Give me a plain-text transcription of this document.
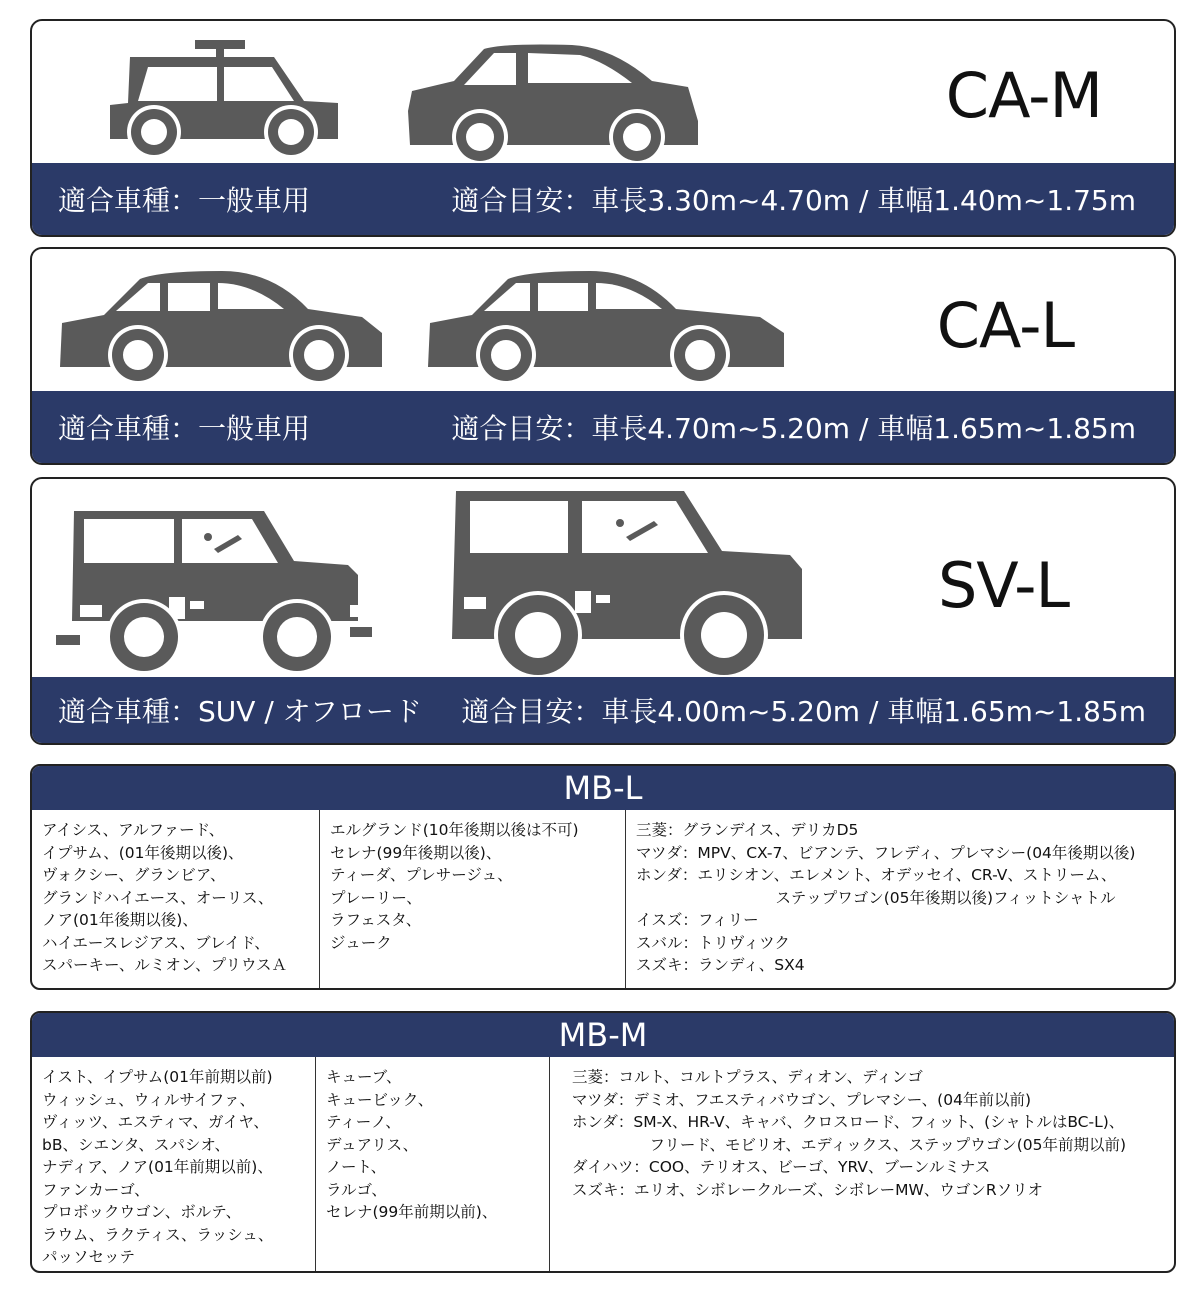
CA-M
適合車種：一般車用	適合目安：車長3.30m~4.70m / 車幅1.40m~1.75m
CA-L
適合車種：一般車用	適合目安：車長4.70m~5.20m / 車幅1.65m~1.85m
SV-L
適合車種：SUV / オフロード 適合目安：車長4.00m~5.20m / 車幅1.65m~1.85m
MB-L
アイシス、アルファード、
イプサム、(01年後期以後)、
ヴォクシー、グランビア、
グランドハイエース、オーリス、
ノア(01年後期以後)、
ハイエースレジアス、ブレイド、
スパーキー、ルミオン、プリウスＡ
エルグランド(10年後期以後は不可)
セレナ(99年後期以後)、
ティーダ、プレサージュ、
プレーリー、
ラフェスタ、
ジューク
三菱：グランデイス、デリカD5
マツダ：MPV、CX-7、ビアンテ、フレディ、プレマシー(04年後期以後)
ホンダ：エリシオン、エレメント、オデッセイ、CR-V、ストリーム、
　　　　　　　　　ステップワゴン(05年後期以後)フィットシャトル
イスズ：フィリー
スバル：トリヴィツク
スズキ：ランディ、SX4
MB-M
イスト、イプサム(01年前期以前)
ウィッシュ、ウィルサイファ、
ヴィッツ、エスティマ、ガイヤ、
bB、シエンタ、スパシオ、
ナディア、ノア(01年前期以前)、
ファンカーゴ、
プロボックウゴン、ボルテ、
ラウム、ラクティス、ラッシュ、
パッソセッテ
キューブ、
キュービック、
ティーノ、
デュアリス、
ノート、
ラルゴ、
セレナ(99年前期以前)、
三菱：コルト、コルトプラス、ディオン、ディンゴ
マツダ：デミオ、フエスティバウゴン、プレマシー、(04年前以前)
ホンダ：SM-X、HR-V、キャバ、クロスロード、フィット、(シャトルはBC-L)、
　　　　　フリード、モビリオ、エディックス、ステップウゴン(05年前期以前)
ダイハツ：COO、テリオス、ビーゴ、YRV、ブーンルミナス
スズキ：エリオ、シボレークルーズ、シボレーMW、ウゴンRソリオ
